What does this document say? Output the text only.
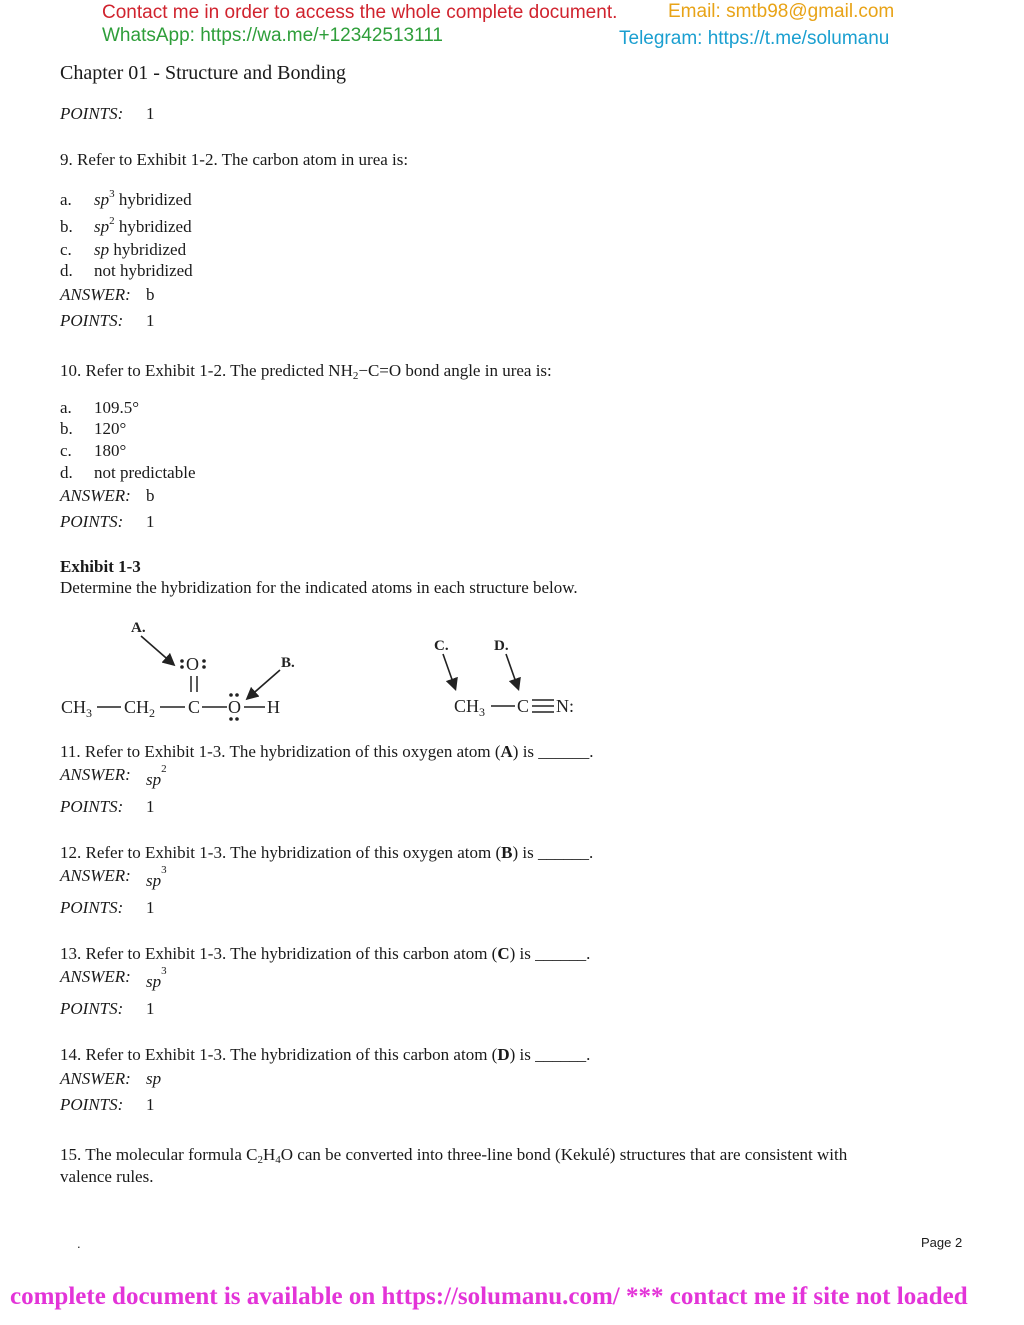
Contact me in order to access the whole complete document.	Email: smtb98@gmail.com
WhatsApp: https://wa.me/+12342513111	Telegram: https://t.me/solumanu
Chapter 01 - Structure and Bonding
POINTS: 1
9. Refer to Exhibit 1-2. The carbon atom in urea is:
a. $sp^3$ hybridized
b. $sp^2$ hybridized
c. sp hybridized
d. not hybridized
ANSWER: b
POINTS: 1
10. Refer to Exhibit 1-2. The predicted $NH_2-C=O$ bond angle in urea is:
a. 109.5°
b. 120°
c. 180°
d. not predictable
ANSWER: b
POINTS: 1
Exhibit 1-3
Determine the hybridization for the indicated atoms in each structure below.
A.
B.
O
$CH_3$ $CH_2$ C O H
C.	D.
$CH_3$ C N:
11. Refer to Exhibit 1-3. The hybridization of this oxygen atom (A) is ______.
ANSWER: $sp^2$
POINTS: 1
12. Refer to Exhibit 1-3. The hybridization of this oxygen atom (B) is ______.
ANSWER: $sp^3$
POINTS: 1
13. Refer to Exhibit 1-3. The hybridization of this carbon atom (C) is ______.
ANSWER: $sp^3$
POINTS: 1
14. Refer to Exhibit 1-3. The hybridization of this carbon atom (D) is ______.
ANSWER: sp
POINTS: 1
15. The molecular formula $C_2H_4O$ can be converted into three-line bond (Kekulé) structures that are consistent with
valence rules.
.	Page 2
complete document is available on https://solumanu.com/ *** contact me if site not loaded
